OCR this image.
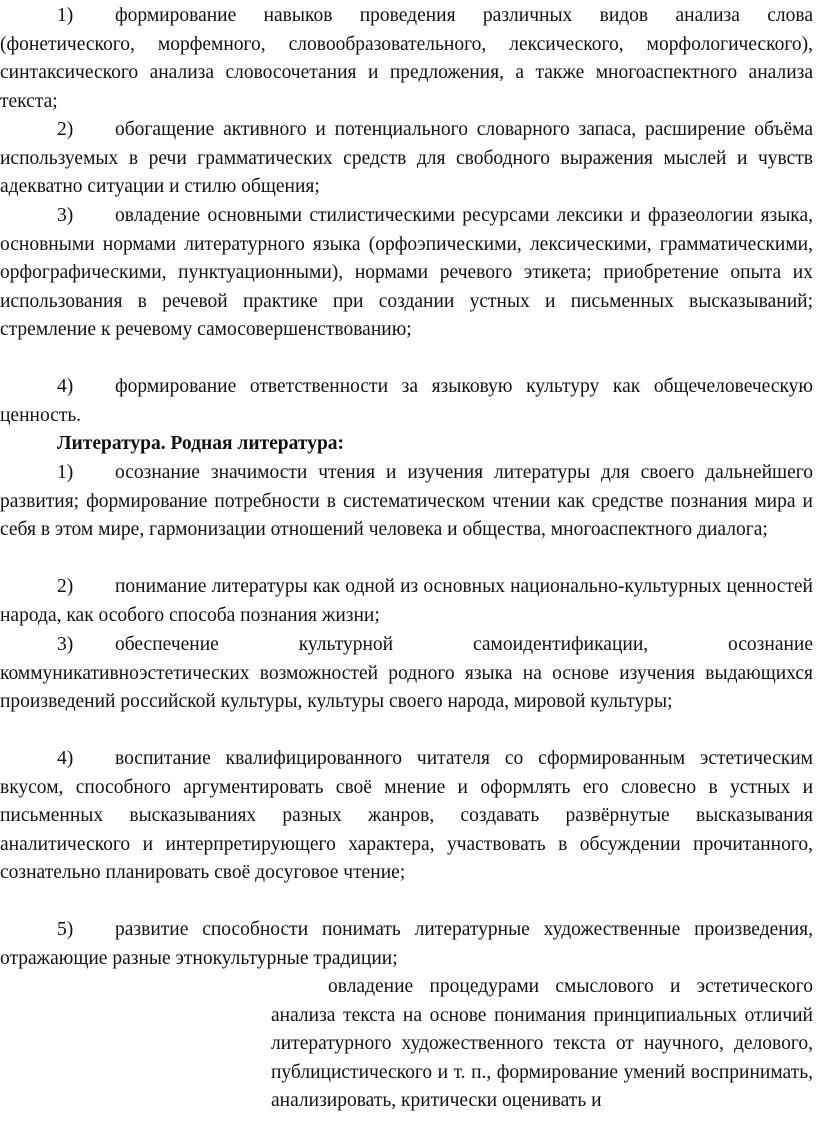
1) формирование навыков проведения различных видов анализа слова (фонетического, морфемного, словообразовательного, лексического, морфологического), синтаксического анализа словосочетания и предложения, а также многоаспектного анализа текста;

2) обогащение активного и потенциального словарного запаса, расширение объёма используемых в речи грамматических средств для свободного выражения мыслей и чувств адекватно ситуации и стилю общения;

3) овладение основными стилистическими ресурсами лексики и фразеологии языка, основными нормами литературного языка (орфоэпическими, лексическими, грамматическими, орфографическими, пунктуационными), нормами речевого этикета; приобретение опыта их использования в речевой практике при создании устных и письменных высказываний; стремление к речевому самосовершенствованию;

4) формирование ответственности за языковую культуру как общечеловеческую ценность.

Литература. Родная литература:

1) осознание значимости чтения и изучения литературы для своего дальнейшего развития; формирование потребности в систематическом чтении как средстве познания мира и себя в этом мире, гармонизации отношений человека и общества, многоаспектного диалога;

2) понимание литературы как одной из основных национально-культурных ценностей народа, как особого способа познания жизни;

3) обеспечение культурной самоидентификации, осознание коммуникативноэстетических возможностей родного языка на основе изучения выдающихся произведений российской культуры, культуры своего народа, мировой культуры;

4) воспитание квалифицированного читателя со сформированным эстетическим вкусом, способного аргументировать своё мнение и оформлять его словесно в устных и письменных высказываниях разных жанров, создавать развёрнутые высказывания аналитического и интерпретирующего характера, участвовать в обсуждении прочитанного, сознательно планировать своё досуговое чтение;

5) развитие способности понимать литературные художественные произведения, отражающие разные этнокультурные традиции;

овладение процедурами смыслового и эстетического анализа текста на основе понимания принципиальных отличий литературного художественного текста от научного, делового, публицистического и т. п., формирование умений воспринимать, анализировать, критически оценивать и
